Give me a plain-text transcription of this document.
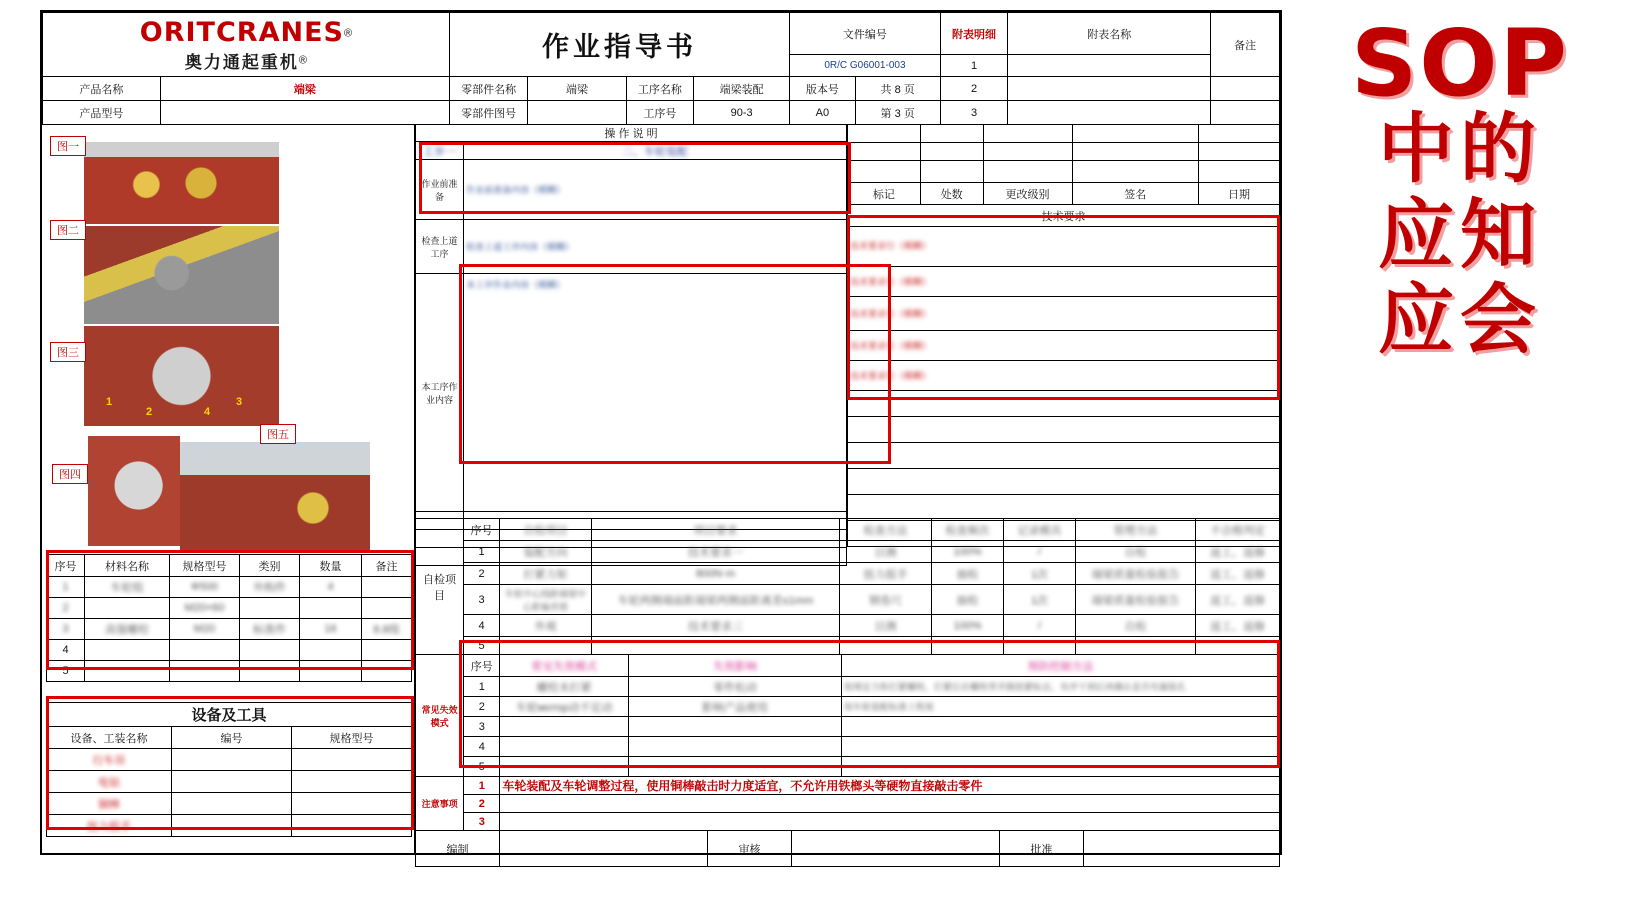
ORITCRANES®
奥力通起重机®		作业指导书				文件编号		附表明细	附表名称	备注
						0R/C G06001-003		1		
产品名称	端梁	零部件名称	端梁	工序名称	端梁装配	版本号	共 8 页	2		
产品型号		零部件图号		工序号	90-3	A0	第 3 页	3		
图一
图二
1
2	4
3
图三
图四
图五
序号	材料名称	规格型号	类别	数量	备注
1	车轮组	Φ500	外购件	4	
2		M20×60			
3	高强螺栓	M20	标准件	16	8.8级
4					
5					
设备及工具		
设备、工装名称	编号	规格型号
行车吊		
电钻		
铜棒		
扭力扳手		
操 作 说 明	
工步一	二、车轮装配
作业前准备	作业前准备内容（模糊）
检查上道工序	检查上道工序内容（模糊）
本工序作业内容	本工序作业内容（模糊）

标记	处数	更改级别	签名	日期
技术要求				
技术要求行（模糊）				
技术要求行（模糊）				
技术要求行（模糊）				
技术要求行（模糊）				
技术要求行（模糊）				

自检项目	序号	自检项目	项目要求	检查方法	检查频次	记录模具	管理方法	不合格判定
	1	装配方向	技术要求一	目测	100%	/	自检	返工、返修
	2	打紧力矩	800N·m	扭力扳手	抽检	1次	端梁质量检验报告	返工、返修
	3	车轮中心线距端梁中心距偏差值	车轮两侧端面距端梁两侧面距离差≤1mm	钢卷尺	抽检	1次	端梁质量检验报告	返工、返修
	4	外观	技术要求三	目测	100%	/	自检	返工、返修
	5							
常见失效模式	序号	常见失效模式	失效影响	预防控制方法
	1	螺栓未打紧	零件松动	按规定力矩打紧螺栓，打紧后在螺栓背并做扭紧标志，有序干到后再确认是否有漏装孔
	2	车轮мотор动不足动	影响产品使用	按车轮装配标准工程度
	3			
	4			
	5			
注意事项	1	车轮装配及车轮调整过程，使用铜棒敲击时力度适宜，不允许用铁榔头等硬物直接敲击零件
	2	
	3	
编制		审核		批准	
SOP
中的
应知
应会
